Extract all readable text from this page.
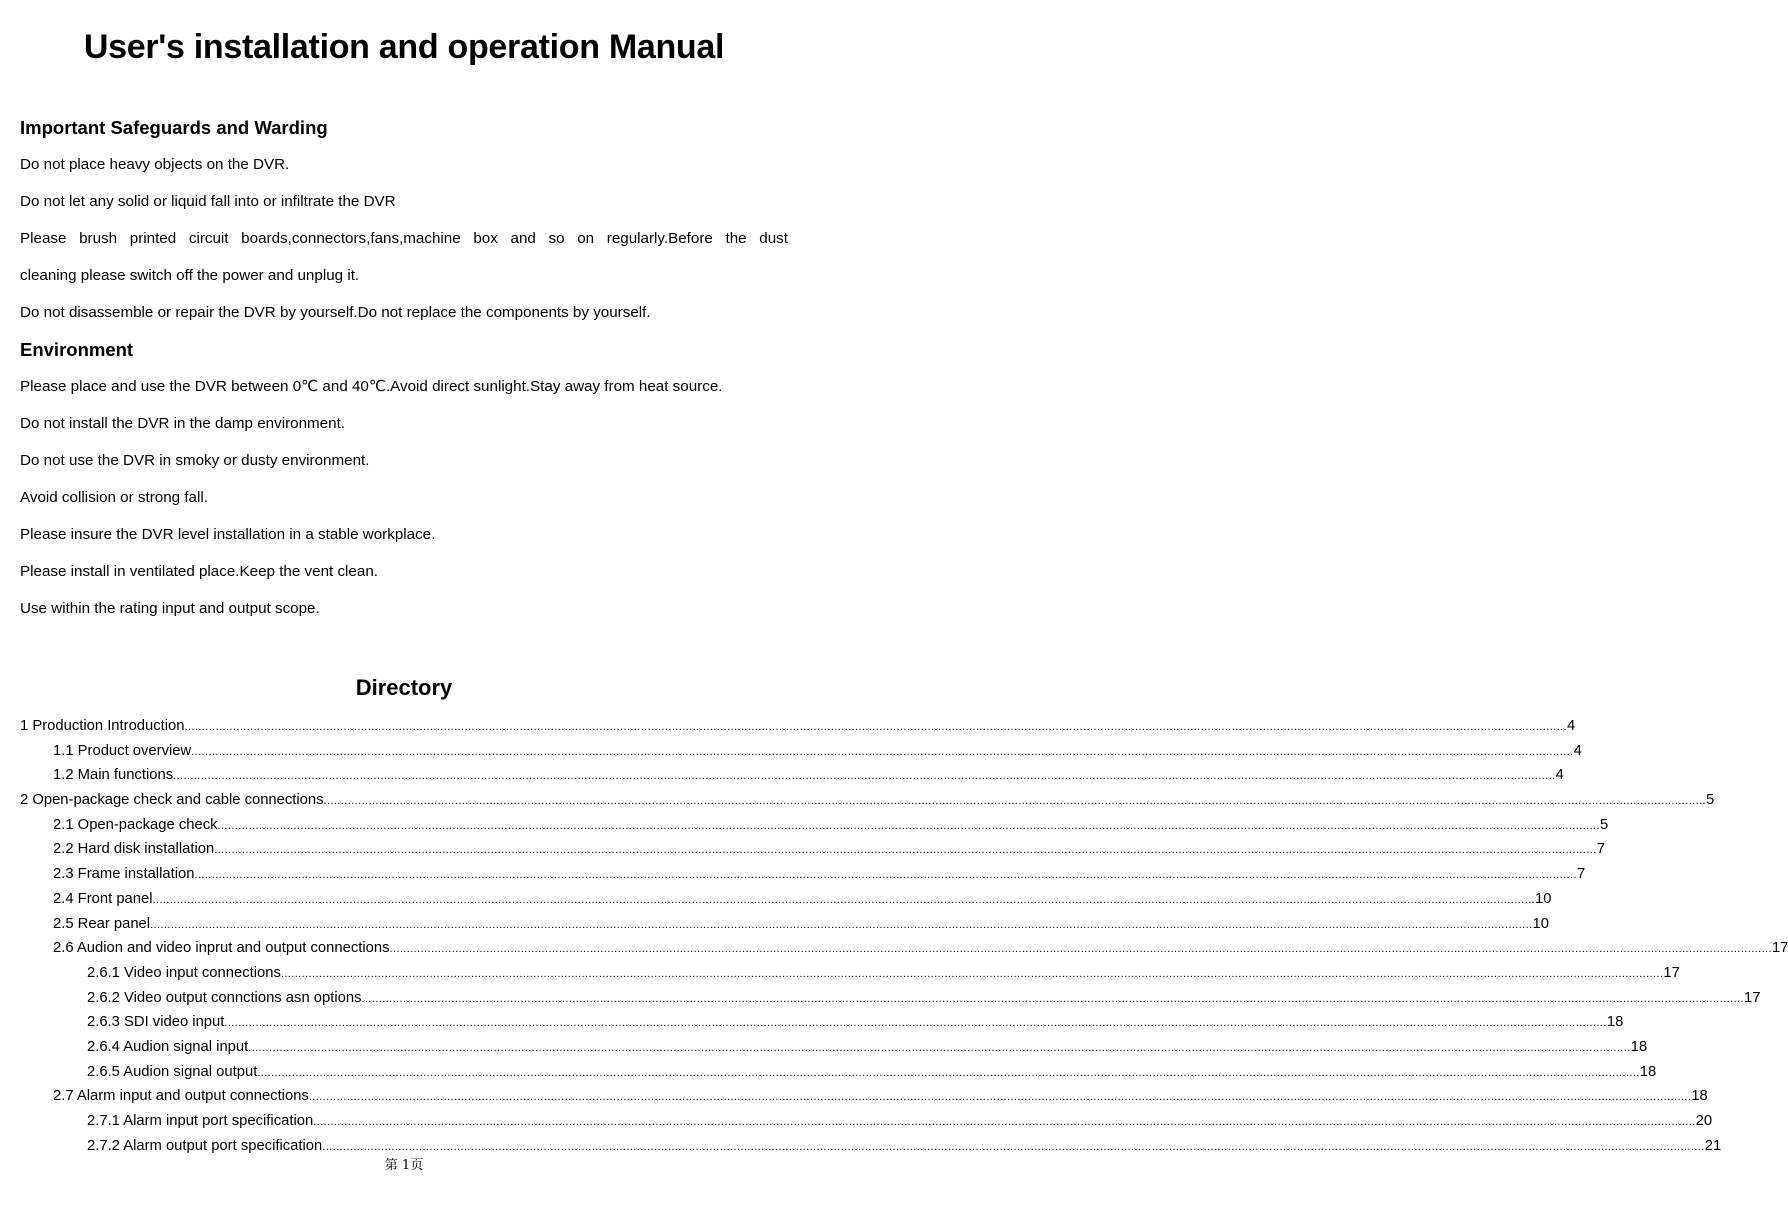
User's installation and operation Manual
Important Safeguards and Warding

Do not place heavy objects on the DVR.

Do not let any solid or liquid fall into or infiltrate the DVR

Please brush printed circuit boards,connectors,fans,machine box and so on regularly.Before the dust

cleaning please switch off the power and unplug it.

Do not disassemble or repair the DVR by yourself.Do not replace the components by yourself.

Environment

Please place and use the DVR between 0℃ and 40℃.Avoid direct sunlight.Stay away from heat source.

Do not install the DVR in the damp environment.

Do not use the DVR in smoky or dusty environment.

Avoid collision or strong fall.

Please insure the DVR level installation in a stable workplace.

Please install in ventilated place.Keep the vent clean.

Use within the rating input and output scope.

Directory
1 Production Introduction ................................................................................................................................................................................................................................................................................................................................................................................................................ 4
1.1 Product overview ................................................................................................................................................................................................................................................................................................................................................................................................................ 4
1.2 Main functions ................................................................................................................................................................................................................................................................................................................................................................................................................ 4
2 Open-package check and cable connections ................................................................................................................................................................................................................................................................................................................................................................................................................ 5
2.1 Open-package check ................................................................................................................................................................................................................................................................................................................................................................................................................ 5
2.2 Hard disk installation ................................................................................................................................................................................................................................................................................................................................................................................................................ 7
2.3 Frame installation ................................................................................................................................................................................................................................................................................................................................................................................................................ 7
2.4 Front panel ................................................................................................................................................................................................................................................................................................................................................................................................................ 10
2.5 Rear panel ................................................................................................................................................................................................................................................................................................................................................................................................................ 10
2.6 Audion and video inprut and output connections ................................................................................................................................................................................................................................................................................................................................................................................................................ 17
2.6.1 Video input connections ................................................................................................................................................................................................................................................................................................................................................................................................................ 17
2.6.2 Video output connctions asn options ................................................................................................................................................................................................................................................................................................................................................................................................................ 17
2.6.3 SDI video input ................................................................................................................................................................................................................................................................................................................................................................................................................ 18
2.6.4 Audion signal input ................................................................................................................................................................................................................................................................................................................................................................................................................ 18
2.6.5 Audion signal output ................................................................................................................................................................................................................................................................................................................................................................................................................ 18
2.7 Alarm input and output connections ................................................................................................................................................................................................................................................................................................................................................................................................................ 18
2.7.1 Alarm input port specification ................................................................................................................................................................................................................................................................................................................................................................................................................ 20
2.7.2 Alarm output port specification ................................................................................................................................................................................................................................................................................................................................................................................................................ 21
第 1页
